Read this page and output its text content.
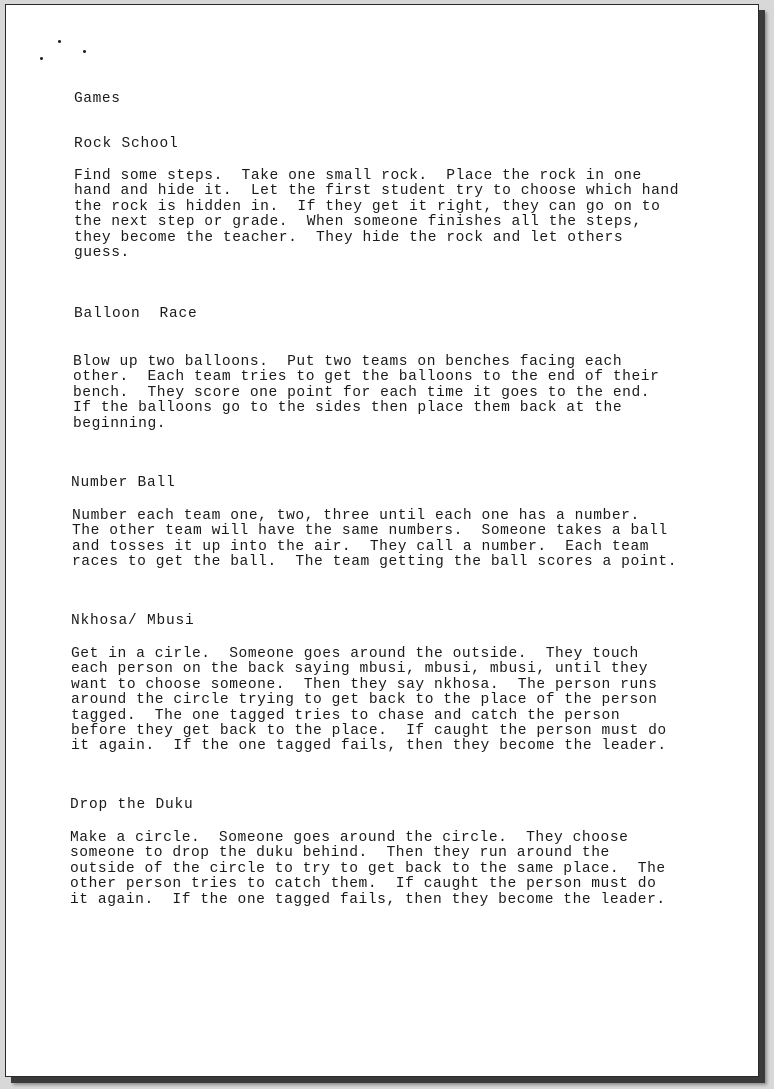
Games
Rock School

Find some steps.  Take one small rock.  Place the rock in one
hand and hide it.  Let the first student try to choose which hand
the rock is hidden in.  If they get it right, they can go on to
the next step or grade.  When someone finishes all the steps,
they become the teacher.  They hide the rock and let others
guess.

Balloon  Race

Blow up two balloons.  Put two teams on benches facing each
other.  Each team tries to get the balloons to the end of their
bench.  They score one point for each time it goes to the end.
If the balloons go to the sides then place them back at the
beginning.

Number Ball

Number each team one, two, three until each one has a number.
The other team will have the same numbers.  Someone takes a ball
and tosses it up into the air.  They call a number.  Each team
races to get the ball.  The team getting the ball scores a point.

Nkhosa/ Mbusi

Get in a cirle.  Someone goes around the outside.  They touch
each person on the back saying mbusi, mbusi, mbusi, until they
want to choose someone.  Then they say nkhosa.  The person runs
around the circle trying to get back to the place of the person
tagged.  The one tagged tries to chase and catch the person
before they get back to the place.  If caught the person must do
it again.  If the one tagged fails, then they become the leader.

Drop the Duku

Make a circle.  Someone goes around the circle.  They choose
someone to drop the duku behind.  Then they run around the
outside of the circle to try to get back to the same place.  The
other person tries to catch them.  If caught the person must do
it again.  If the one tagged fails, then they become the leader.
